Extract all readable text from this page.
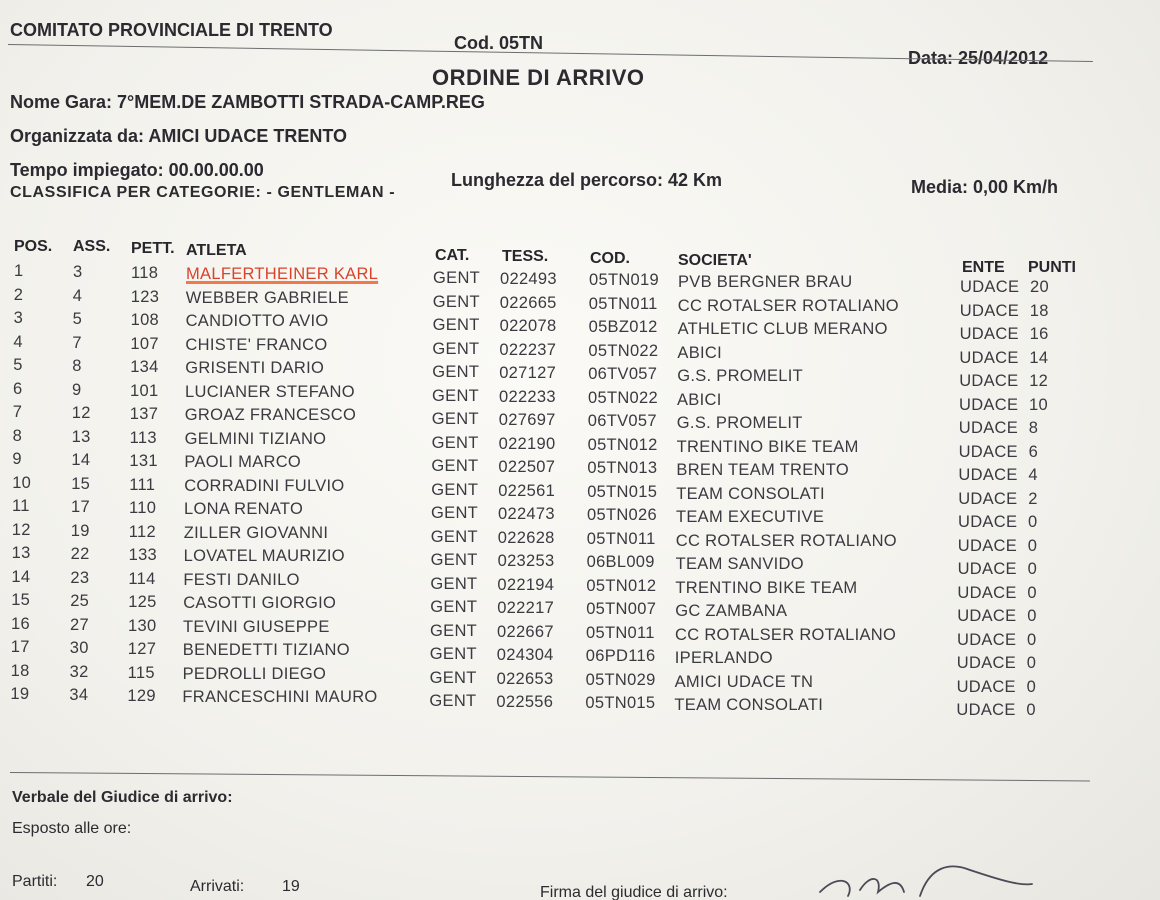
COMITATO PROVINCIALE DI TRENTO
Cod. 05TN
Data: 25/04/2012
ORDINE DI ARRIVO
Nome Gara: 7°MEM.DE ZAMBOTTI STRADA-CAMP.REG
Organizzata da: AMICI UDACE TRENTO
Tempo impiegato: 00.00.00.00	Lunghezza del percorso: 42 Km	Media: 0,00 Km/h
CLASSIFICA PER CATEGORIE: - GENTLEMAN -
POS. ASS. PETT. ATLETA	CAT. TESS.	COD.	SOCIETA'	ENTE PUNTI
1	3	118 MALFERTHEINER KARL	GENT 022493 05TN019 PVB BERGNER BRAU	UDACE 20
2	4	123 WEBBER GABRIELE	GENT 022665 05TN011 CC ROTALSER ROTALIANO	UDACE 18
3	5	108 CANDIOTTO AVIO	GENT 022078 05BZ012 ATHLETIC CLUB MERANO	UDACE 16
4	7	107 CHISTE' FRANCO	GENT 022237 05TN022 ABICI	UDACE 14
5	8	134 GRISENTI DARIO	GENT 027127 06TV057 G.S. PROMELIT	UDACE 12
6	9	101 LUCIANER STEFANO	GENT 022233 05TN022 ABICI	UDACE 10
7	12 137 GROAZ FRANCESCO	GENT 027697 06TV057 G.S. PROMELIT	UDACE 8
8	13 113 GELMINI TIZIANO	GENT 022190 05TN012 TRENTINO BIKE TEAM	UDACE 6
9	14 131 PAOLI MARCO	GENT 022507 05TN013 BREN TEAM TRENTO	UDACE 4
10 15 111 CORRADINI FULVIO	GENT 022561 05TN015 TEAM CONSOLATI	UDACE 2
11	17 110 LONA RENATO	GENT 022473 05TN026 TEAM EXECUTIVE	UDACE 0
12 19 112 ZILLER GIOVANNI	GENT 022628 05TN011 CC ROTALSER ROTALIANO	UDACE 0
13 22 133 LOVATEL MAURIZIO	GENT 023253 06BL009 TEAM SANVIDO	UDACE 0
14 23 114 FESTI DANILO	GENT 022194 05TN012 TRENTINO BIKE TEAM	UDACE 0
15 25 125 CASOTTI GIORGIO	GENT 022217 05TN007 GC ZAMBANA	UDACE 0
16 27 130 TEVINI GIUSEPPE	GENT 022667 05TN011 CC ROTALSER ROTALIANO	UDACE 0
17 30 127 BENEDETTI TIZIANO	GENT 024304 06PD116 IPERLANDO	UDACE 0
18 32 115 PEDROLLI DIEGO	GENT 022653 05TN029 AMICI UDACE TN	UDACE 0
19 34 129 FRANCESCHINI MAURO	GENT 022556 05TN015 TEAM CONSOLATI	UDACE 0
Verbale del Giudice di arrivo:
Esposto alle ore:
Partiti: 20	Arrivati: 19	Firma del giudice di arrivo:
